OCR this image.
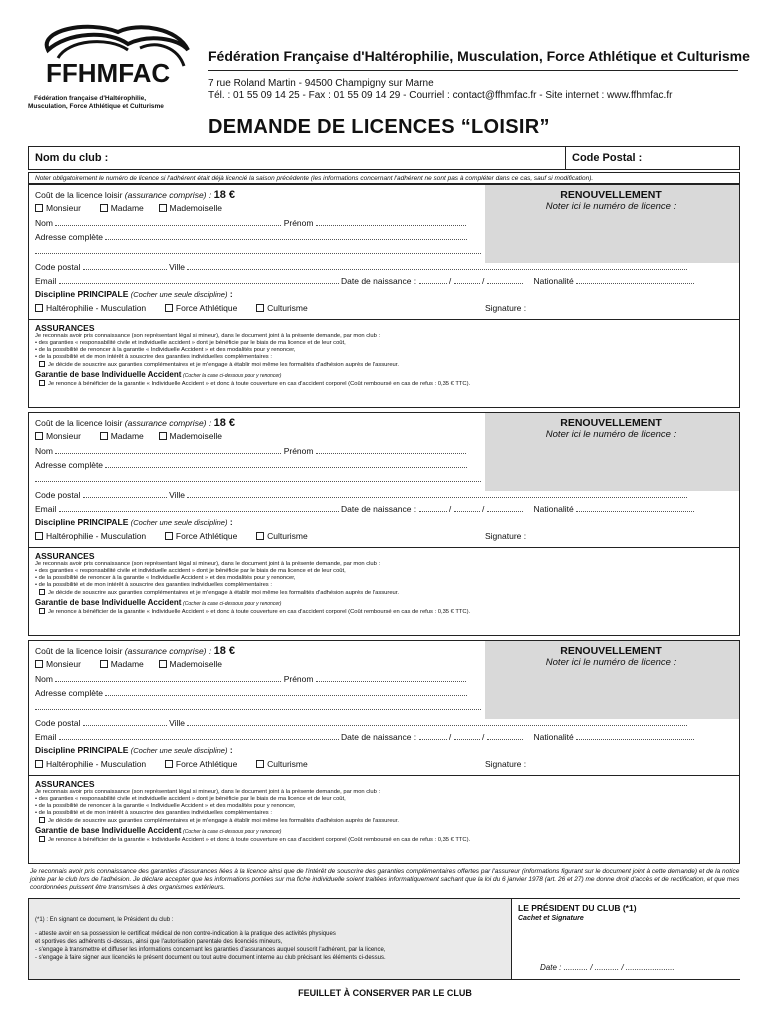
FFHMFAC
Fédération française d'Haltérophilie,
Musculation, Force Athlétique et Culturisme
Fédération Française d'Haltérophilie, Musculation, Force Athlétique et Culturisme
7 rue Roland Martin - 94500 Champigny sur Marne
Tél. : 01 55 09 14 25 - Fax : 01 55 09 14 29 - Courriel : contact@ffhmfac.fr - Site internet : www.ffhmfac.fr
DEMANDE DE LICENCES “LOISIR”
Nom du club :	Code Postal :
Noter obligatoirement le numéro de licence si l'adhérent était déjà licencié la saison précédente (les informations concernant l'adhérent ne sont pas à compléter dans ce cas, sauf si modification).
RENOUVELLEMENT
Noter ici le numéro de licence :
Coût de la licence loisir (assurance comprise) : 18 €
Monsieur	Madame	Mademoiselle
Nom	Prénom
Adresse complète
Code postal	Ville
Email	Date de naissance :	/	/	Nationalité
Discipline PRINCIPALE (Cocher une seule discipline) :
Haltérophilie - Musculation	Force Athlétique	Culturisme	Signature :
ASSURANCES
Je reconnais avoir pris connaissance (son représentant légal si mineur), dans le document joint à la présente demande, par mon club :
• des garanties « responsabilité civile et individuelle accident » dont je bénéficie par le biais de ma licence et de leur coût,
• de la possibilité de renoncer à la garantie « Individuelle Accident » et des modalités pour y renoncer,
• de la possibilité et de mon intérêt à souscrire des garanties individuelles complémentaires :
Je décide de souscrire aux garanties complémentaires et je m'engage à établir moi même les formalités d'adhésion auprès de l'assureur.
Garantie de base Individuelle Accident (Cocher la case ci-dessous pour y renoncer)
Je renonce à bénéficier de la garantie « Individuelle Accident » et donc à toute couverture en cas d'accident corporel (Coût remboursé en cas de refus : 0,35 € TTC).
RENOUVELLEMENT
Noter ici le numéro de licence :
Coût de la licence loisir (assurance comprise) : 18 €
Monsieur	Madame	Mademoiselle
Nom	Prénom
Adresse complète
Code postal	Ville
Email	Date de naissance :	/	/	Nationalité
Discipline PRINCIPALE (Cocher une seule discipline) :
Haltérophilie - Musculation	Force Athlétique	Culturisme	Signature :
ASSURANCES
Je reconnais avoir pris connaissance (son représentant légal si mineur), dans le document joint à la présente demande, par mon club :
• des garanties « responsabilité civile et individuelle accident » dont je bénéficie par le biais de ma licence et de leur coût,
• de la possibilité de renoncer à la garantie « Individuelle Accident » et des modalités pour y renoncer,
• de la possibilité et de mon intérêt à souscrire des garanties individuelles complémentaires :
Je décide de souscrire aux garanties complémentaires et je m'engage à établir moi même les formalités d'adhésion auprès de l'assureur.
Garantie de base Individuelle Accident (Cocher la case ci-dessous pour y renoncer)
Je renonce à bénéficier de la garantie « Individuelle Accident » et donc à toute couverture en cas d'accident corporel (Coût remboursé en cas de refus : 0,35 € TTC).
RENOUVELLEMENT
Noter ici le numéro de licence :
Coût de la licence loisir (assurance comprise) : 18 €
Monsieur	Madame	Mademoiselle
Nom	Prénom
Adresse complète
Code postal	Ville
Email	Date de naissance :	/	/	Nationalité
Discipline PRINCIPALE (Cocher une seule discipline) :
Haltérophilie - Musculation	Force Athlétique	Culturisme	Signature :
ASSURANCES
Je reconnais avoir pris connaissance (son représentant légal si mineur), dans le document joint à la présente demande, par mon club :
• des garanties « responsabilité civile et individuelle accident » dont je bénéficie par le biais de ma licence et de leur coût,
• de la possibilité de renoncer à la garantie « Individuelle Accident » et des modalités pour y renoncer,
• de la possibilité et de mon intérêt à souscrire des garanties individuelles complémentaires :
Je décide de souscrire aux garanties complémentaires et je m'engage à établir moi même les formalités d'adhésion auprès de l'assureur.
Garantie de base Individuelle Accident (Cocher la case ci-dessous pour y renoncer)
Je renonce à bénéficier de la garantie « Individuelle Accident » et donc à toute couverture en cas d'accident corporel (Coût remboursé en cas de refus : 0,35 € TTC).
Je reconnais avoir pris connaissance des garanties d'assurances liées à la licence ainsi que de l'intérêt de souscrire des garanties complémentaires offertes par l'assureur (informations figurant sur le document joint à cette demande) et de la notice jointe par le club lors de l'adhésion. Je déclare accepter que les informations portées sur ma fiche individuelle soient traitées informatiquement sachant que la loi du 6 janvier 1978 (art. 26 et 27) me donne droit d'accès et de rectification, et que mes coordonnées puissent être transmises à des organismes extérieurs.
(*1) : En signant ce document, le Président du club :
- atteste avoir en sa possession le certificat médical de non contre-indication à la pratique des activités physiques
et sportives des adhérents ci-dessus, ainsi que l'autorisation parentale des licenciés mineurs,
- s'engage à transmettre et diffuser les informations concernant les garanties d'assurances auquel souscrit l'adhérent, par la licence,
- s'engage à faire signer aux licenciés le présent document ou tout autre document interne au club précisant les éléments ci-dessus.
LE PRÉSIDENT DU CLUB (*1)
Cachet et Signature
Date : ........... / ........... / ......................
FEUILLET À CONSERVER PAR LE CLUB
